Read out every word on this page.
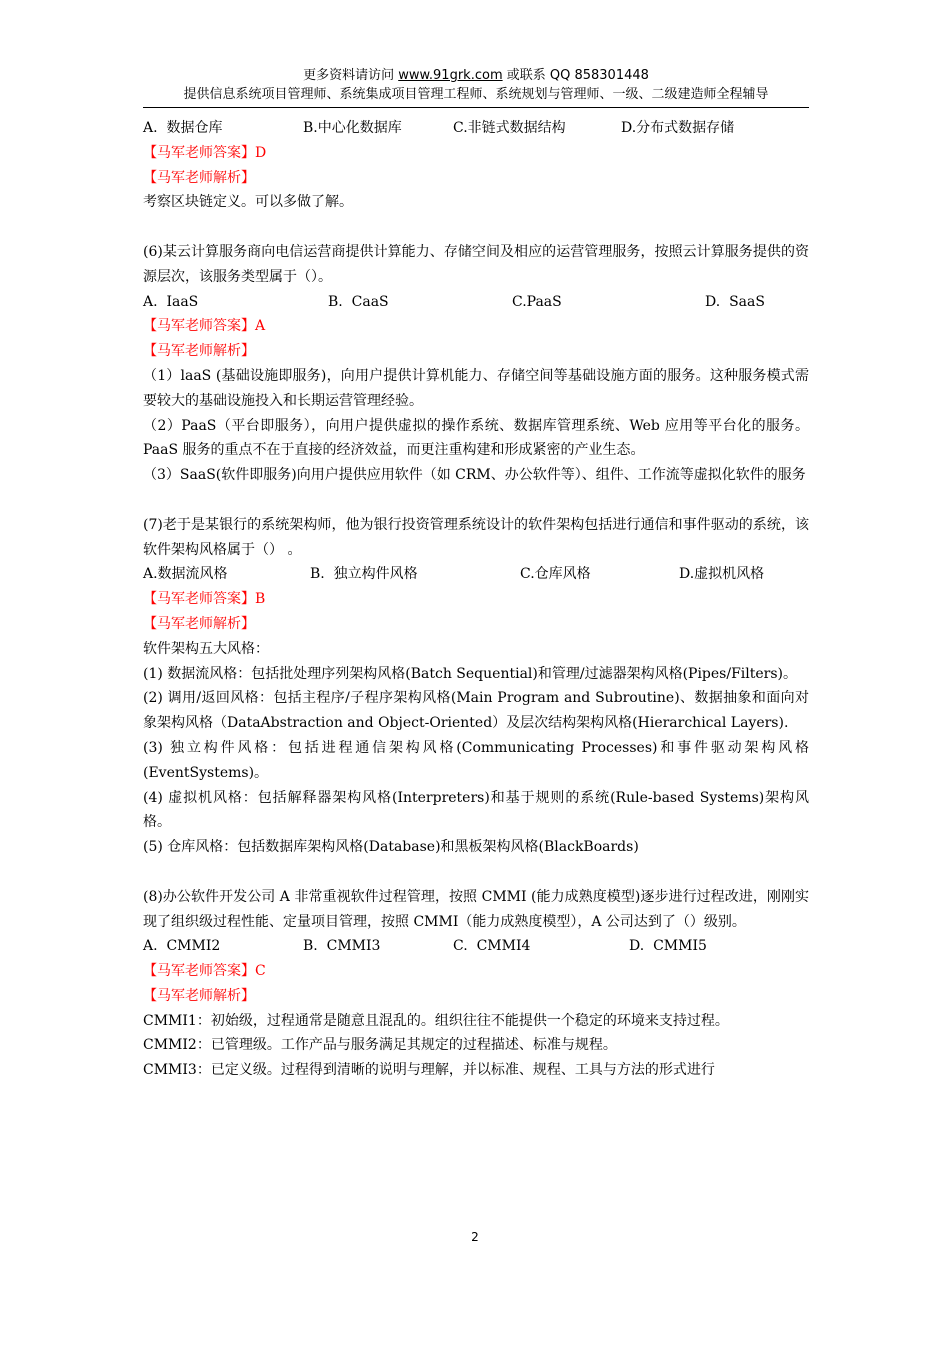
更多资料请访问 www.91grk.com 或联系 QQ 858301448
提供信息系统项目管理师、系统集成项目管理工程师、系统规划与管理师、一级、二级建造师全程辅导
A.  数据仓库	B.中心化数据库	C.非链式数据结构	D.分布式数据存储

【马军老师答案】D

【马军老师解析】

考察区块链定义。可以多做了解。

(6)某云计算服务商向电信运营商提供计算能力、存储空间及相应的运营管理服务，按照云计算服务提供的资源层次，该服务类型属于（）。

A.  IaaS	B.  CaaS	C.PaaS	D.  SaaS

【马军老师答案】A

【马军老师解析】

（1）laaS (基础设施即服务)，向用户提供计算机能力、存储空间等基础设施方面的服务。这种服务模式需要较大的基础设施投入和长期运营管理经验。

（2）PaaS（平台即服务），向用户提供虚拟的操作系统、数据库管理系统、Web 应用等平台化的服务。PaaS 服务的重点不在于直接的经济效益，而更注重构建和形成紧密的产业生态。

（3）SaaS(软件即服务)向用户提供应用软件（如 CRM、办公软件等）、组件、工作流等虚拟化软件的服务

(7)老于是某银行的系统架构师，他为银行投资管理系统设计的软件架构包括进行通信和事件驱动的系统，该软件架构风格属于（） 。

A.数据流风格	B.  独立构件风格	C.仓库风格	D.虚拟机风格

【马军老师答案】B

【马军老师解析】

软件架构五大风格：

(1) 数据流风格：包括批处理序列架构风格(Batch Sequential)和管理/过滤器架构风格(Pipes/Filters)。

(2) 调用/返回风格：包括主程序/子程序架构风格(Main Program and Subroutine)、数据抽象和面向对象架构风格（DataAbstraction and Object-Oriented）及层次结构架构风格(Hierarchical Layers).

(3) 独立构件风格：包括进程通信架构风格(Communicating Processes)和事件驱动架构风格(EventSystems)。

(4) 虚拟机风格：包括解释器架构风格(Interpreters)和基于规则的系统(Rule-based Systems)架构风格。

(5) 仓库风格：包括数据库架构风格(Database)和黑板架构风格(BlackBoards)

(8)办公软件开发公司 A 非常重视软件过程管理，按照 CMMI (能力成熟度模型)逐步进行过程改进，刚刚实现了组织级过程性能、定量项目管理，按照 CMMI（能力成熟度模型），A 公司达到了（）级别。

A.  CMMI2	B.  CMMI3	C.  CMMI4	D.  CMMI5

【马军老师答案】C

【马军老师解析】

CMMI1：初始级，过程通常是随意且混乱的。组织往往不能提供一个稳定的环境来支持过程。

CMMI2：已管理级。工作产品与服务满足其规定的过程描述、标准与规程。

CMMI3：已定义级。过程得到清晰的说明与理解，并以标准、规程、工具与方法的形式进行

2
